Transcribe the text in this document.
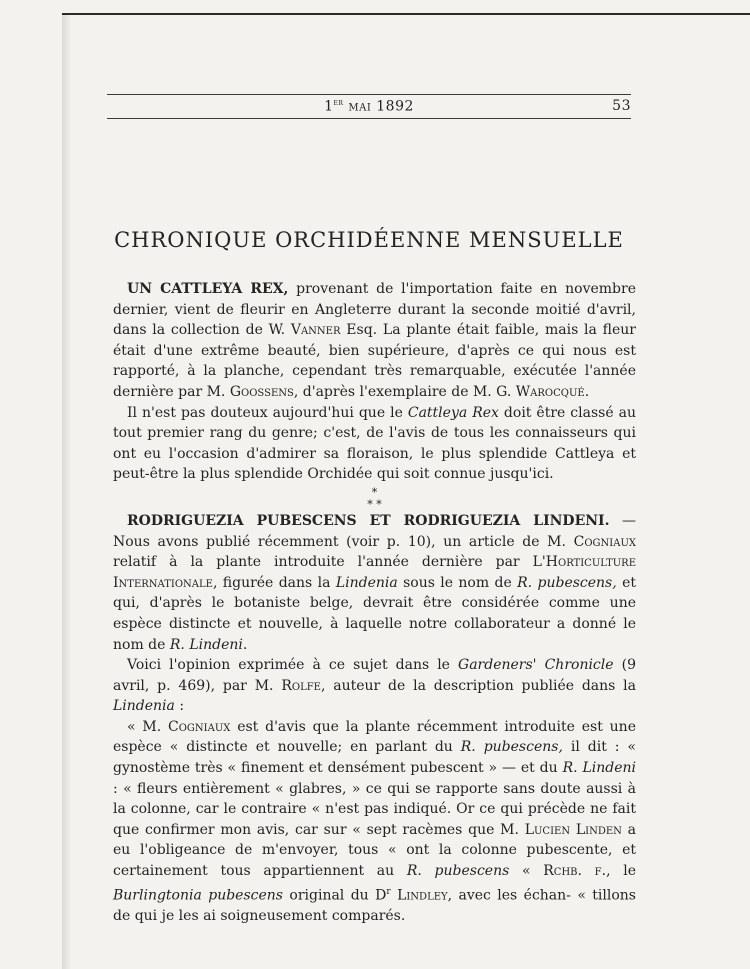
1er mai 1892	53
CHRONIQUE ORCHIDÉENNE MENSUELLE

UN CATTLEYA REX, provenant de l'importation faite en novembre dernier, vient de fleurir en Angleterre durant la seconde moitié d'avril, dans la collection de W. Vanner Esq. La plante était faible, mais la fleur était d'une extrême beauté, bien supérieure, d'après ce qui nous est rapporté, à la planche, cependant très remarquable, exécutée l'année dernière par M. Goossens, d'après l'exemplaire de M. G. Warocqué.

Il n'est pas douteux aujourd'hui que le Cattleya Rex doit être classé au tout premier rang du genre; c'est, de l'avis de tous les connaisseurs qui ont eu l'occasion d'admirer sa floraison, le plus splendide Cattleya et peut-être la plus splendide Orchidée qui soit connue jusqu'ici.

*
* *

RODRIGUEZIA PUBESCENS ET RODRIGUEZIA LINDENI. — Nous avons publié récemment (voir p. 10), un article de M. Cogniaux relatif à la plante introduite l'année dernière par L'Horticulture Internationale, figurée dans la Lindenia sous le nom de R. pubescens, et qui, d'après le botaniste belge, devrait être considérée comme une espèce distincte et nouvelle, à laquelle notre collaborateur a donné le nom de R. Lindeni.

Voici l'opinion exprimée à ce sujet dans le Gardeners' Chronicle (9 avril, p. 469), par M. Rolfe, auteur de la description publiée dans la Lindenia :

« M. Cogniaux est d'avis que la plante récemment introduite est une espèce « distincte et nouvelle; en parlant du R. pubescens, il dit : « gynostème très « finement et densément pubescent » — et du R. Lindeni : « fleurs entièrement « glabres, » ce qui se rapporte sans doute aussi à la colonne, car le contraire « n'est pas indiqué. Or ce qui précède ne fait que confirmer mon avis, car sur « sept racèmes que M. Lucien Linden a eu l'obligeance de m'envoyer, tous « ont la colonne pubescente, et certainement tous appartiennent au R. pubescens « Rchb. f., le Burlingtonia pubescens original du $D^r$ Lindley, avec les échan- « tillons de qui je les ai soigneusement comparés.
